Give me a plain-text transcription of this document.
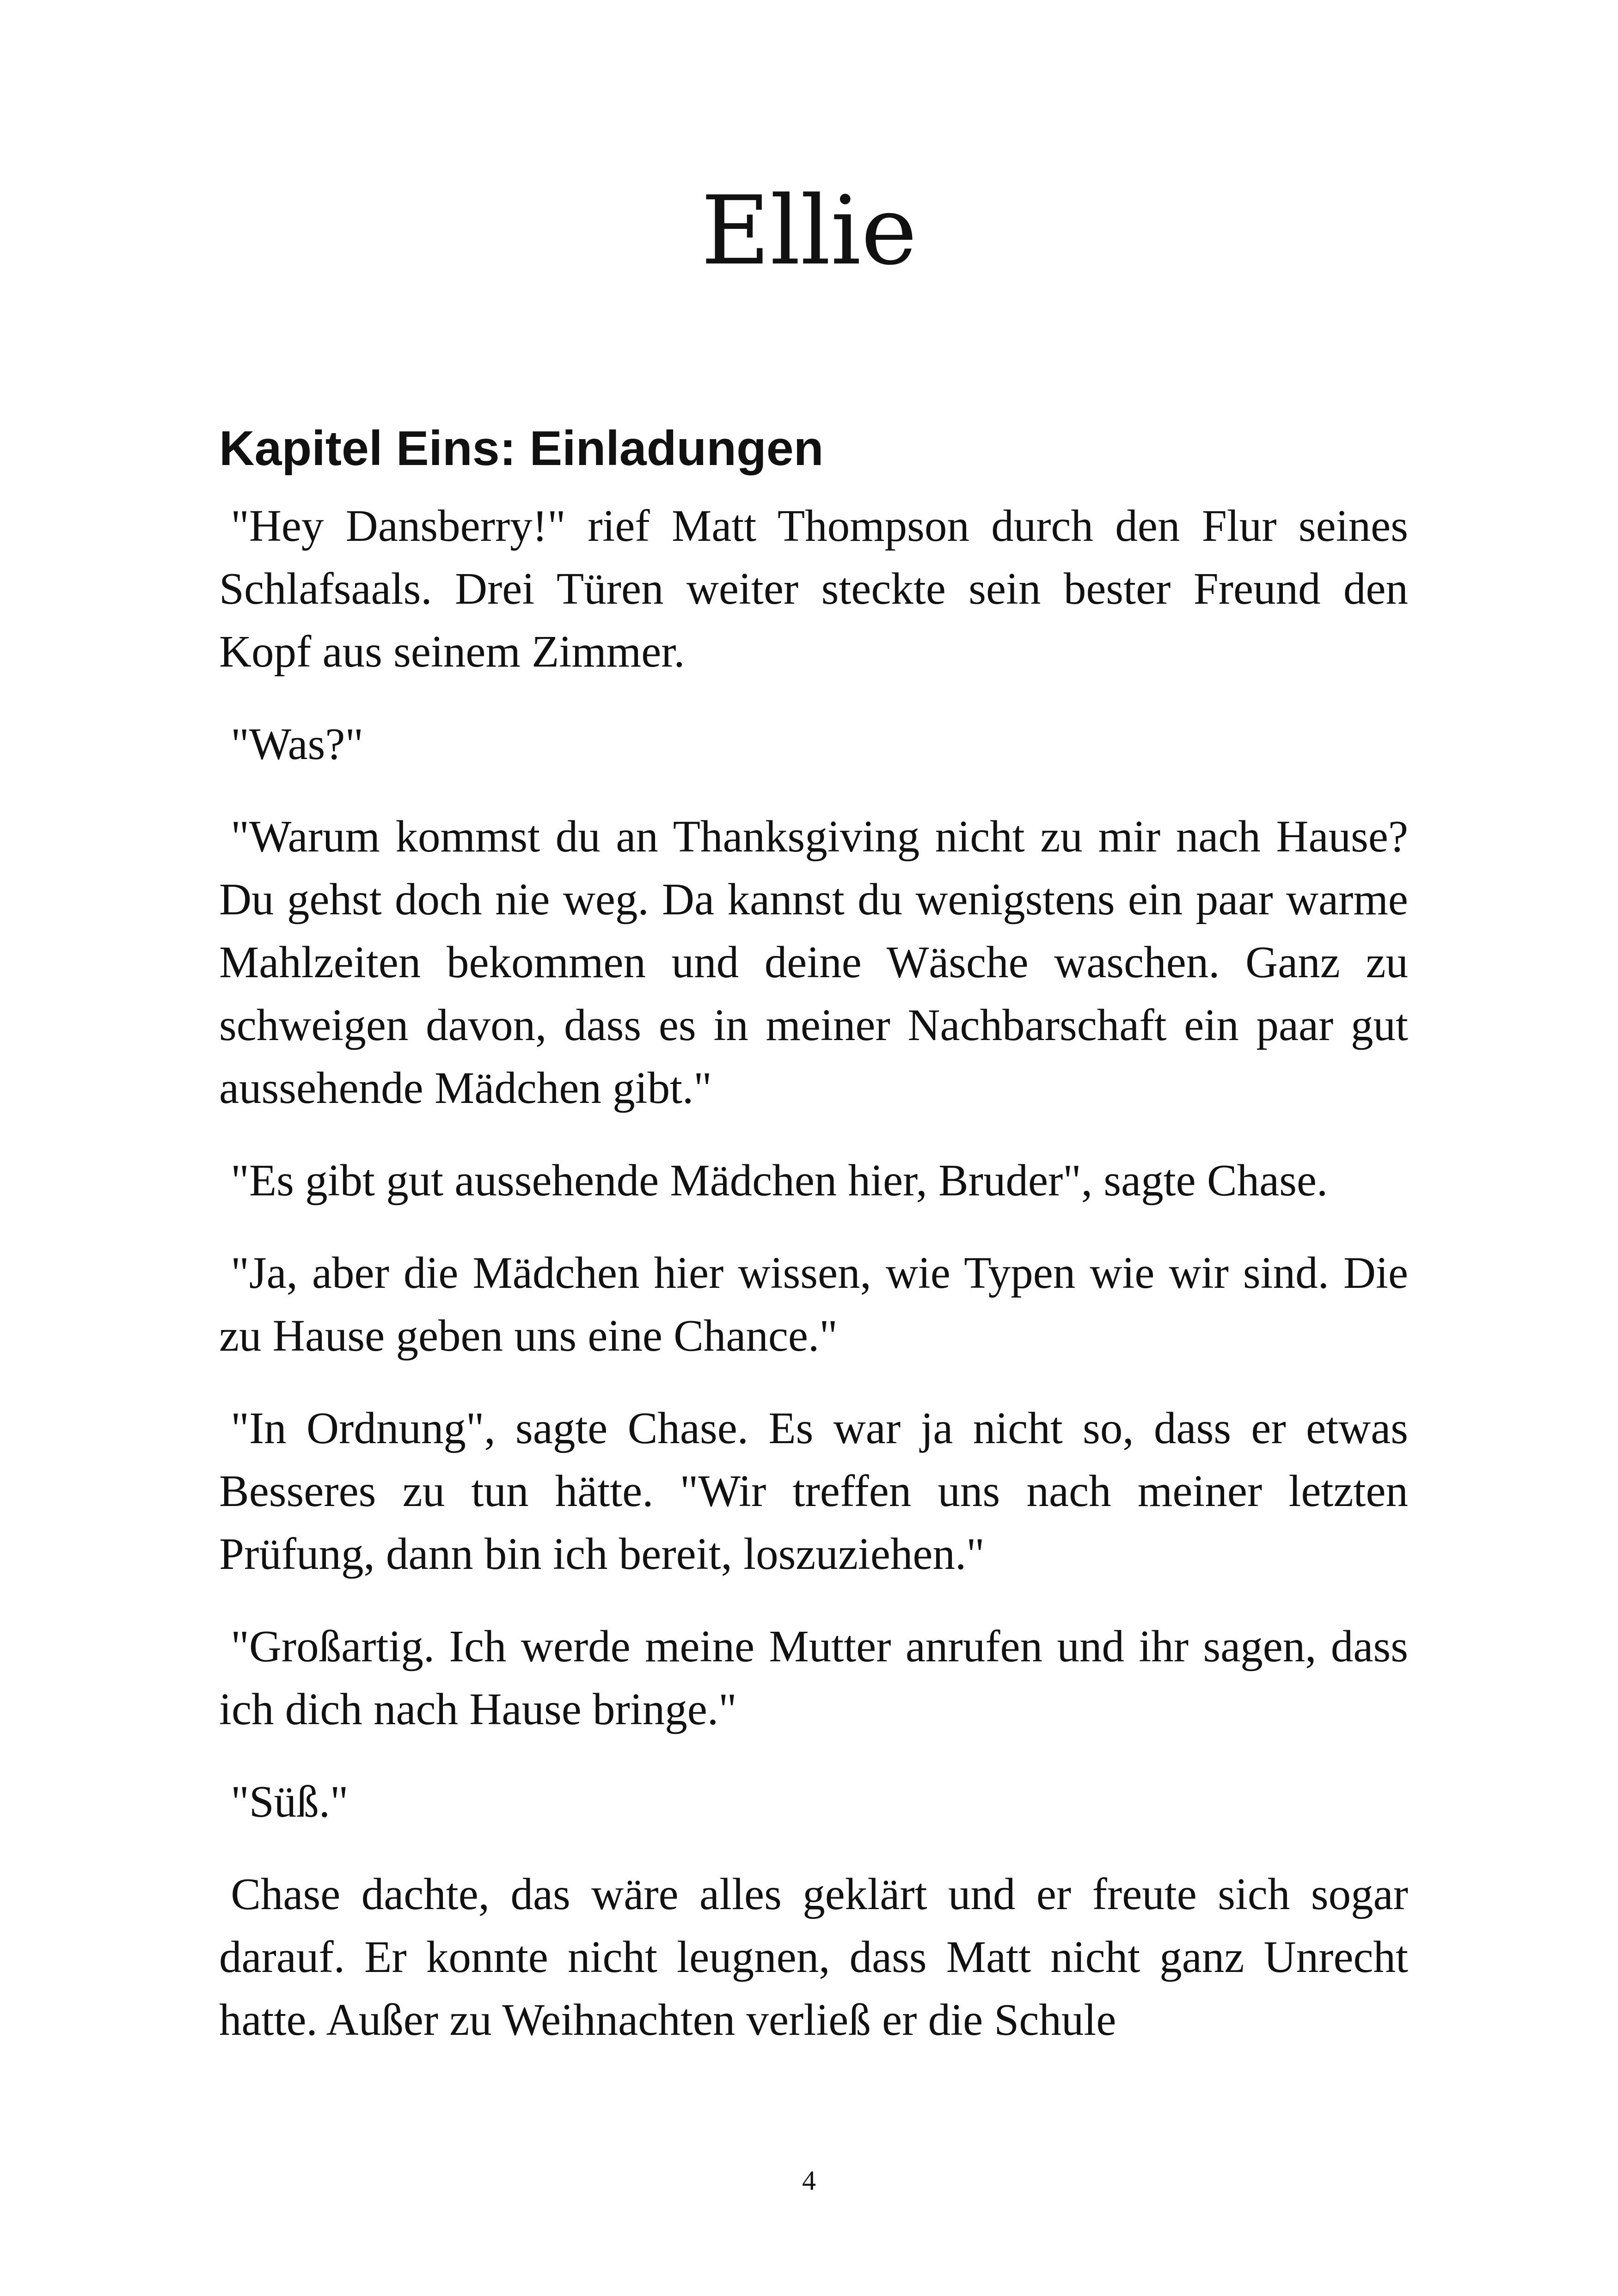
Ellie
Kapitel Eins: Einladungen

"Hey Dansberry!" rief Matt Thompson durch den Flur seines Schlafsaals. Drei Türen weiter steckte sein bester Freund den Kopf aus seinem Zimmer.

"Was?"

"Warum kommst du an Thanksgiving nicht zu mir nach Hause? Du gehst doch nie weg. Da kannst du wenigstens ein paar warme Mahlzeiten bekommen und deine Wäsche waschen. Ganz zu schweigen davon, dass es in meiner Nachbarschaft ein paar gut aussehende Mädchen gibt."

"Es gibt gut aussehende Mädchen hier, Bruder", sagte Chase.

"Ja, aber die Mädchen hier wissen, wie Typen wie wir sind. Die zu Hause geben uns eine Chance."

"In Ordnung", sagte Chase. Es war ja nicht so, dass er etwas Besseres zu tun hätte. "Wir treffen uns nach meiner letzten Prüfung, dann bin ich bereit, loszuziehen."

"Großartig. Ich werde meine Mutter anrufen und ihr sagen, dass ich dich nach Hause bringe."

"Süß."

Chase dachte, das wäre alles geklärt und er freute sich sogar darauf. Er konnte nicht leugnen, dass Matt nicht ganz Unrecht hatte. Außer zu Weihnachten verließ er die Schule

4
